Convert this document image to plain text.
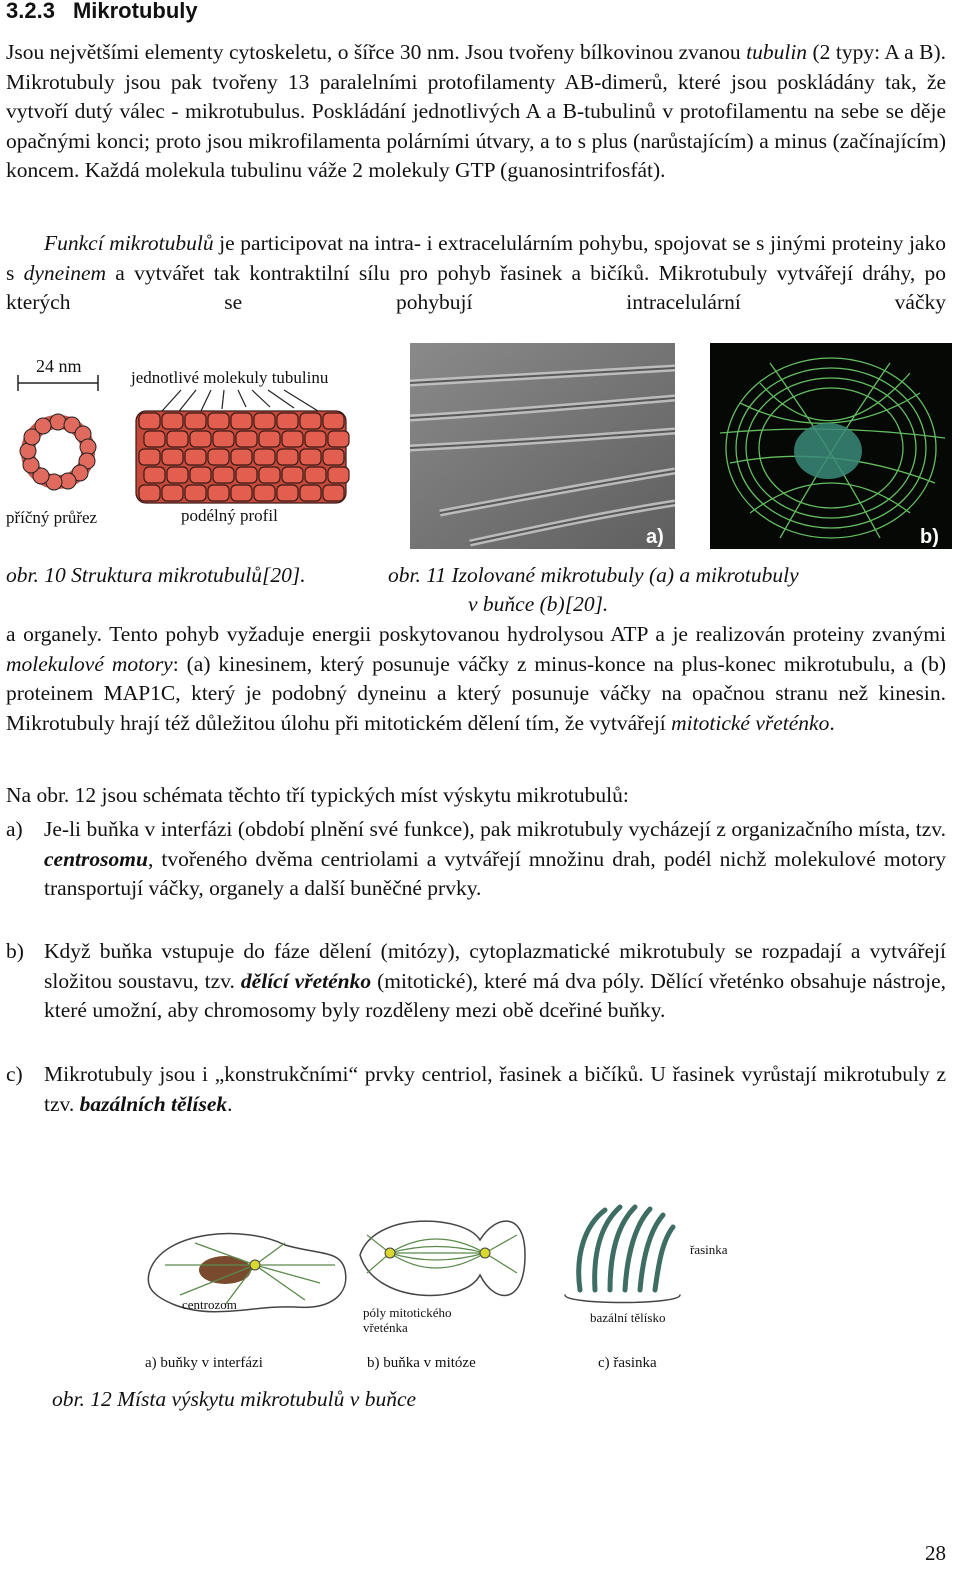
3.2.3 Mikrotubuly

Jsou největšími elementy cytoskeletu, o šířce 30 nm. Jsou tvořeny bílkovinou zvanou tubulin (2 typy: A a B). Mikrotubuly jsou pak tvořeny 13 paralelními protofilamenty AB-dimerů, které jsou poskládány tak, že vytvoří dutý válec - mikrotubulus. Poskládání jednotlivých A a B-tubulinů v protofilamentu na sebe se děje opačnými konci; proto jsou mikrofilamenta polárními útvary, a to s plus (narůstajícím) a minus (začínajícím) koncem. Každá molekula tubulinu váže 2 molekuly GTP (guanosintrifosfát).

Funkcí mikrotubulů je participovat na intra- i extracelulárním pohybu, spojovat se s jinými proteiny jako s dyneinem a vytvářet tak kontraktilní sílu pro pohyb řasinek a bičíků. Mikrotubuly vytvářejí dráhy, po kterých se pohybují intracelulární váčky

24 nm
jednotlivé molekuly tubulinu
příčný průřez	podélný profil
a)	b)
obr. 10 Struktura mikrotubulů[20].	obr. 11 Izolované mikrotubuly (a) a mikrotubuly
v buňce (b)[20].

a organely. Tento pohyb vyžaduje energii poskytovanou hydrolysou ATP a je realizován proteiny zvanými molekulové motory: (a) kinesinem, který posunuje váčky z minus-konce na plus-konec mikrotubulu, a (b) proteinem MAP1C, který je podobný dyneinu a který posunuje váčky na opačnou stranu než kinesin. Mikrotubuly hrají též důležitou úlohu při mitotickém dělení tím, že vytvářejí mitotické vřeténko.

Na obr. 12 jsou schémata těchto tří typických míst výskytu mikrotubulů:

a) Je-li buňka v interfázi (období plnění své funkce), pak mikrotubuly vycházejí z organizačního místa, tzv. centrosomu, tvořeného dvěma centriolami a vytvářejí množinu drah, podél nichž molekulové motory transportují váčky, organely a další buněčné prvky.
b) Když buňka vstupuje do fáze dělení (mitózy), cytoplazmatické mikrotubuly se rozpadají a vytvářejí složitou soustavu, tzv. dělící vřeténko (mitotické), které má dva póly. Dělící vřeténko obsahuje nástroje, které umožní, aby chromosomy byly rozděleny mezi obě dceřiné buňky.
c) Mikrotubuly jsou i „konstrukčními“ prvky centriol, řasinek a bičíků. U řasinek vyrůstají mikrotubuly z tzv. bazálních tělísek.
centrozom
póly mitotického
vřeténka
řasinka
bazální tělísko
a) buňky v interfázi	b) buňka v mitóze	c) řasinka
obr. 12 Místa výskytu mikrotubulů v buňce
28
